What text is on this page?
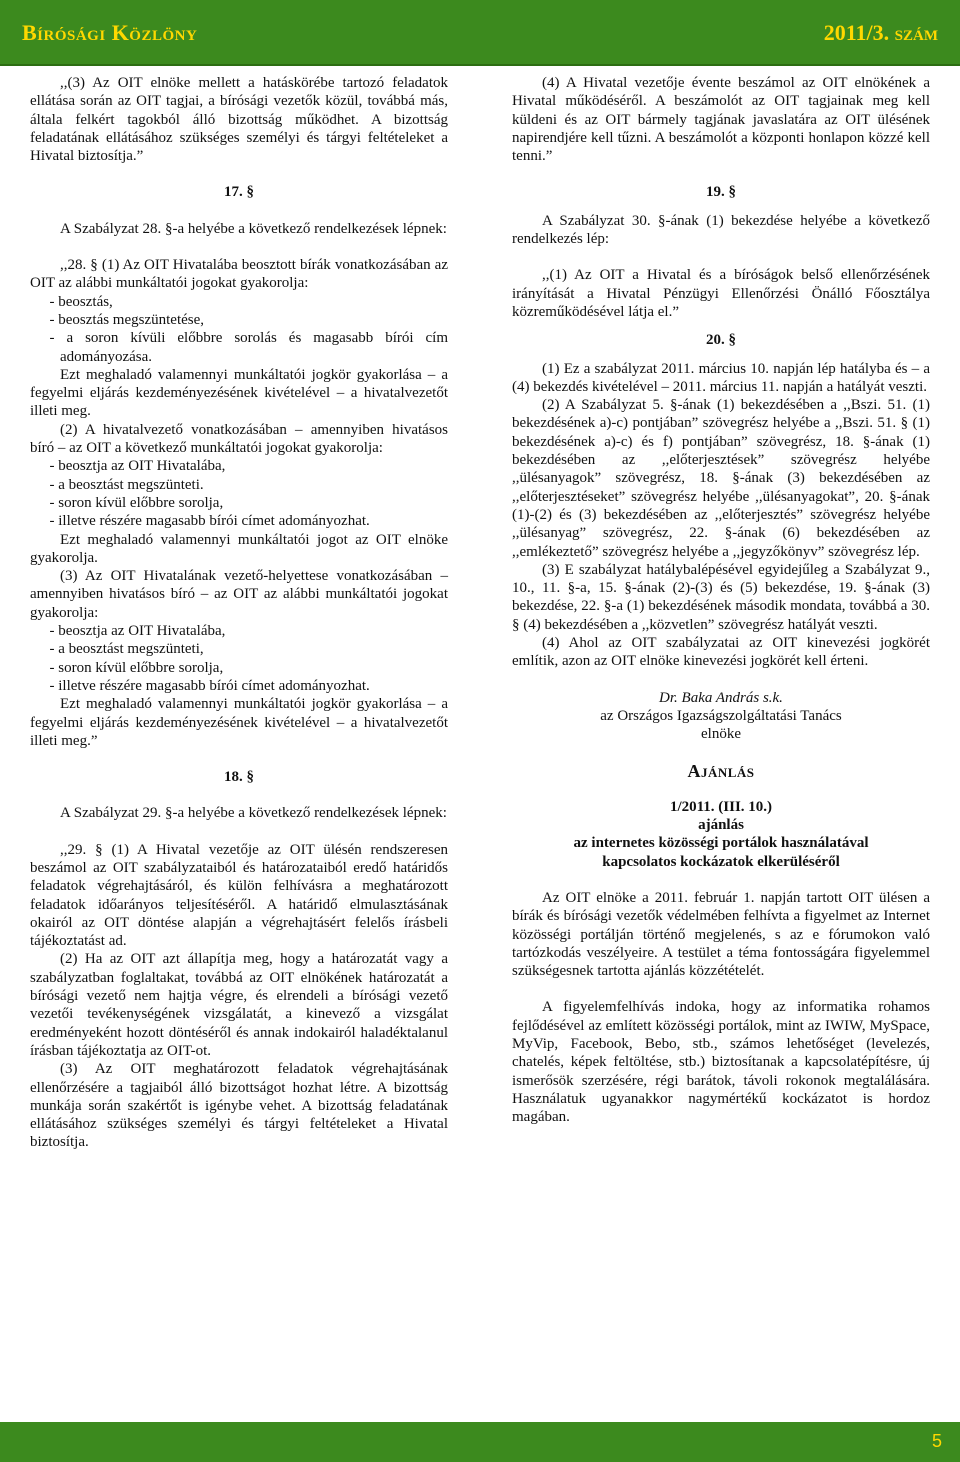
Bírósági Közlöny	2011/3. szám

,,(3) Az OIT elnöke mellett a hatáskörébe tartozó feladatok ellátása során az OIT tagjai, a bírósági vezetők közül, továbbá más, általa felkért tagokból álló bizottság működhet. A bizottság feladatának ellátásához szükséges személyi és tárgyi feltételeket a Hivatal biztosítja.”

17. §

A Szabályzat 28. §-a helyébe a következő rendelkezések lépnek:

,,28. § (1) Az OIT Hivatalába beosztott bírák vonatkozásában az OIT az alábbi munkáltatói jogokat gyakorolja:

- beosztás,

- beosztás megszüntetése,

- a soron kívüli előbbre sorolás és magasabb bírói cím adományozása.

Ezt meghaladó valamennyi munkáltatói jogkör gyakorlása – a fegyelmi eljárás kezdeményezésének kivételével – a hivatalvezetőt illeti meg.

(2) A hivatalvezető vonatkozásában – amennyiben hivatásos bíró – az OIT a következő munkáltatói jogokat gyakorolja:

- beosztja az OIT Hivatalába,

- a beosztást megszünteti.

- soron kívül előbbre sorolja,

- illetve részére magasabb bírói címet adományozhat.

Ezt meghaladó valamennyi munkáltatói jogot az OIT elnöke gyakorolja.

(3) Az OIT Hivatalának vezető-helyettese vonatkozásában – amennyiben hivatásos bíró – az OIT az alábbi munkáltatói jogokat gyakorolja:

- beosztja az OIT Hivatalába,

- a beosztást megszünteti,

- soron kívül előbbre sorolja,

- illetve részére magasabb bírói címet adományozhat.

Ezt meghaladó valamennyi munkáltatói jogkör gyakorlása – a fegyelmi eljárás kezdeményezésének kivételével – a hivatalvezetőt illeti meg.”

18. §

A Szabályzat 29. §-a helyébe a következő rendelkezések lépnek:

,,29. § (1) A Hivatal vezetője az OIT ülésén rendszeresen beszámol az OIT szabályzataiból és határozataiból eredő határidős feladatok végrehajtásáról, és külön felhívásra a meghatározott feladatok időarányos teljesítéséről. A határidő elmulasztásának okairól az OIT döntése alapján a végrehajtásért felelős írásbeli tájékoztatást ad.

(2) Ha az OIT azt állapítja meg, hogy a határozatát vagy a szabályzatban foglaltakat, továbbá az OIT elnökének határozatát a bírósági vezető nem hajtja végre, és elrendeli a bírósági vezető vezetői tevékenységének vizsgálatát, a kinevező a vizsgálat eredményeként hozott döntéséről és annak indokairól haladéktalanul írásban tájékoztatja az OIT-ot.

(3) Az OIT meghatározott feladatok végrehajtásának ellenőrzésére a tagjaiból álló bizottságot hozhat létre. A bizottság munkája során szakértőt is igénybe vehet. A bizottság feladatának ellátásához szükséges személyi és tárgyi feltételeket a Hivatal biztosítja.

(4) A Hivatal vezetője évente beszámol az OIT elnökének a Hivatal működéséről. A beszámolót az OIT tagjainak meg kell küldeni és az OIT bármely tagjának javaslatára az OIT ülésének napirendjére kell tűzni. A beszámolót a központi honlapon közzé kell tenni.”

19. §

A Szabályzat 30. §-ának (1) bekezdése helyébe a következő rendelkezés lép:

,,(1) Az OIT a Hivatal és a bíróságok belső ellenőrzésének irányítását a Hivatal Pénzügyi Ellenőrzési Önálló Főosztálya közreműködésével látja el.”

20. §

(1) Ez a szabályzat 2011. március 10. napján lép hatályba és – a (4) bekezdés kivételével – 2011. március 11. napján a hatályát veszti.

(2) A Szabályzat 5. §-ának (1) bekezdésében a ,,Bszi. 51. (1) bekezdésének a)-c) pontjában” szövegrész helyébe a ,,Bszi. 51. § (1) bekezdésének a)-c) és f) pontjában” szövegrész, 18. §-ának (1) bekezdésében az ,,előterjesztések” szövegrész helyébe ,,ülésanyagok” szövegrész, 18. §-ának (3) bekezdésében az ,,előterjesztéseket” szövegrész helyébe ,,ülésanyagokat”, 20. §-ának (1)-(2) és (3) bekezdésében az ,,előterjesztés” szövegrész helyébe ,,ülésanyag” szövegrész, 22. §-ának (6) bekezdésében az ,,emlékeztető” szövegrész helyébe a ,,jegyzőkönyv” szövegrész lép.

(3) E szabályzat hatálybalépésével egyidejűleg a Szabályzat 9., 10., 11. §-a, 15. §-ának (2)-(3) és (5) bekezdése, 19. §-ának (3) bekezdése, 22. §-a (1) bekezdésének második mondata, továbbá a 30. § (4) bekezdésében a ,,közvetlen” szövegrész hatályát veszti.

(4) Ahol az OIT szabályzatai az OIT kinevezési jogkörét említik, azon az OIT elnöke kinevezési jogkörét kell érteni.

Dr. Baka András s.k.

az Országos Igazságszolgáltatási Tanács

elnöke

Ajánlás

1/2011. (III. 10.)

ajánlás

az internetes közösségi portálok használatával

kapcsolatos kockázatok elkerüléséről

Az OIT elnöke a 2011. február 1. napján tartott OIT ülésen a bírák és bírósági vezetők védelmében felhívta a figyelmet az Internet közösségi portálján történő megjelenés, s az e fórumokon való tartózkodás veszélyeire. A testület a téma fontosságára figyelemmel szükségesnek tartotta ajánlás közzétételét.

A figyelemfelhívás indoka, hogy az informatika rohamos fejlődésével az említett közösségi portálok, mint az IWIW, MySpace, MyVip, Facebook, Bebo, stb., számos lehetőséget (levelezés, chatelés, képek feltöltése, stb.) biztosítanak a kapcsolatépítésre, új ismerősök szerzésére, régi barátok, távoli rokonok megtalálására. Használatuk ugyanakkor nagymértékű kockázatot is hordoz magában.

5
